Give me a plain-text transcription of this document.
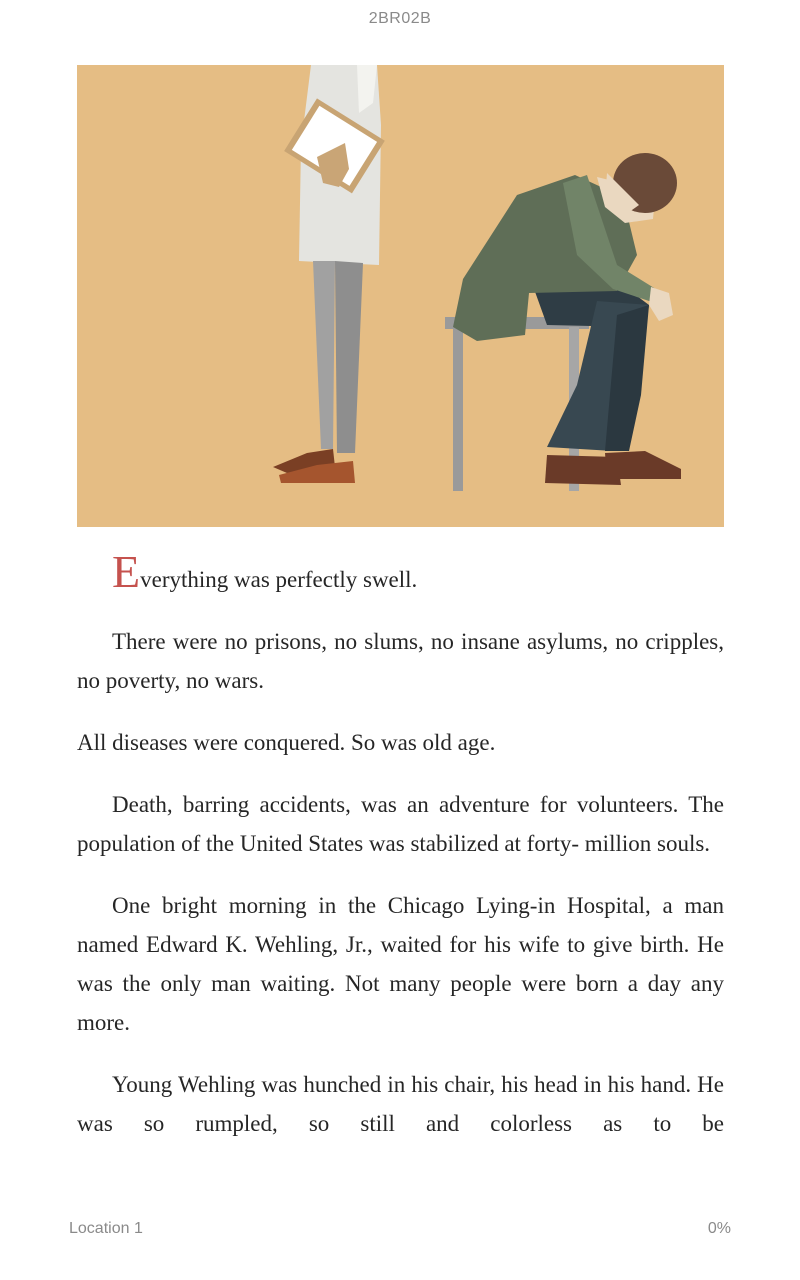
2BR02B

Everything was perfectly swell.

There were no prisons, no slums, no insane asylums, no cripples, no poverty, no wars.

All diseases were conquered. So was old age.

Death, barring accidents, was an adventure for volunteers. The population of the United States was stabilized at forty- million souls.

One bright morning in the Chicago Lying-in Hospital, a man named Edward K. Wehling, Jr., waited for his wife to give birth. He was the only man waiting. Not many people were born a day any more.

Young Wehling was hunched in his chair, his head in his hand. He was so rumpled, so still and colorless as to be

Location 1	0%
